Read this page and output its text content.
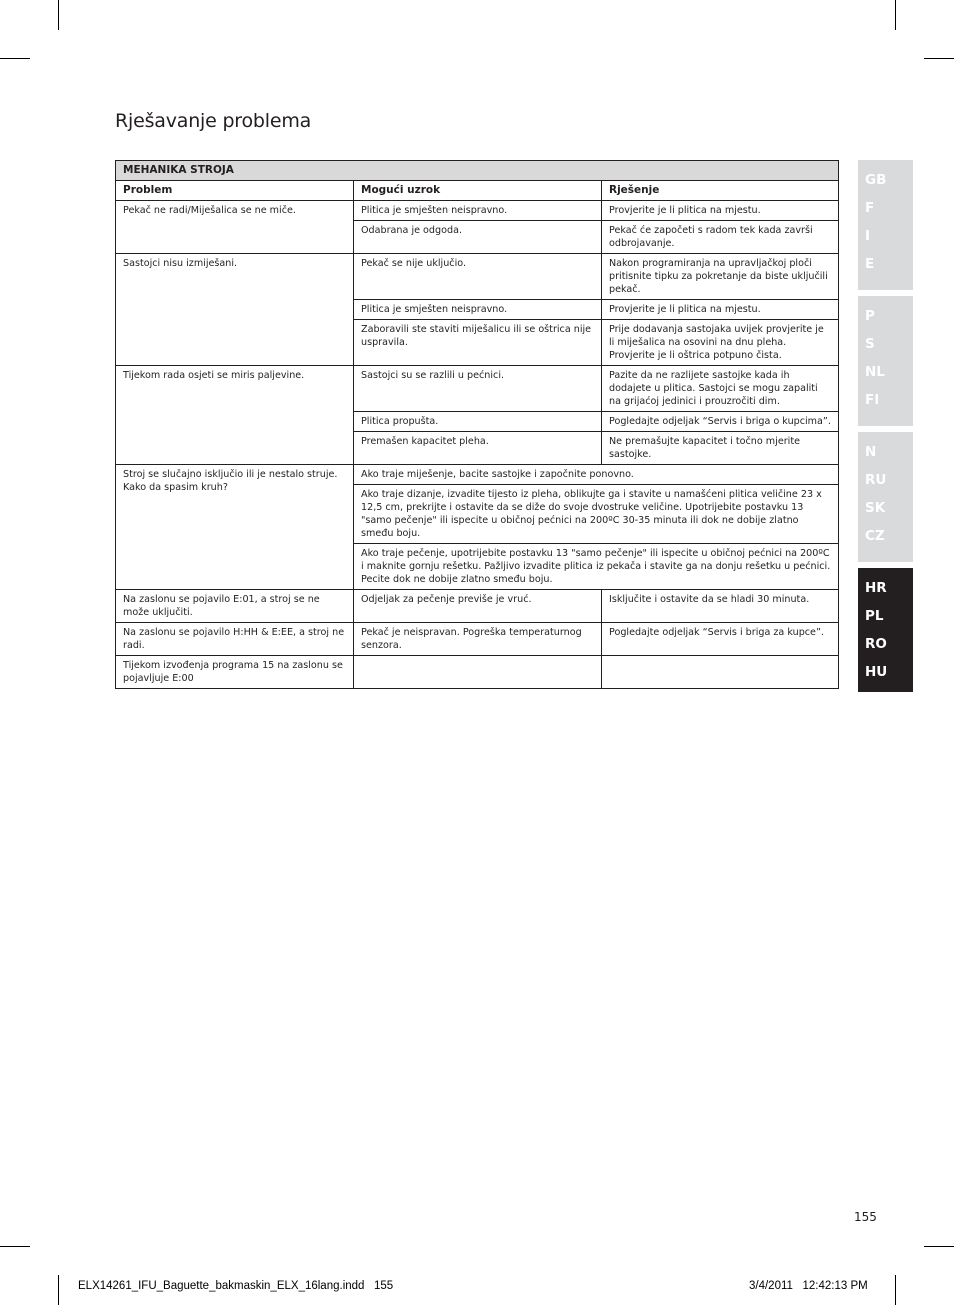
Rješavanje problema
MEHANIKA STROJA		
Problem	Mogući uzrok	Rješenje
Pekač ne radi/Miješalica se ne miče.	Plitica je smješten neispravno.	Provjerite je li plitica na mjestu.
	Odabrana je odgoda.	Pekač će započeti s radom tek kada završi odbrojavanje.
Sastojci nisu izmiješani.	Pekač se nije uključio.	Nakon programiranja na upravljačkoj ploči pritisnite tipku za pokretanje da biste uključili pekač.
	Plitica je smješten neispravno.	Provjerite je li plitica na mjestu.
	Zaboravili ste staviti miješalicu ili se oštrica nije uspravila.	Prije dodavanja sastojaka uvijek provjerite je li miješalica na osovini na dnu pleha. Provjerite je li oštrica potpuno čista.
Tijekom rada osjeti se miris paljevine.	Sastojci su se razlili u pećnici.	Pazite da ne razlijete sastojke kada ih dodajete u plitica. Sastojci se mogu zapaliti na grijaćoj jedinici i prouzročiti dim.
	Plitica propušta.	Pogledajte odjeljak “Servis i briga o kupcima”.
	Premašen kapacitet pleha.	Ne premašujte kapacitet i točno mjerite sastojke.
Stroj se slučajno isključio ili je nestalo struje. Kako da spasim kruh?	Ako traje miješenje, bacite sastojke i započnite ponovno.	
	Ako traje dizanje, izvadite tijesto iz pleha, oblikujte ga i stavite u namašćeni plitica veličine 23 x 12,5 cm, prekrijte i ostavite da se diže do svoje dvostruke veličine. Upotrijebite postavku 13 "samo pečenje" ili ispecite u običnoj pećnici na 200ºC 30-35 minuta ili dok ne dobije zlatno smeđu boju.	
	Ako traje pečenje, upotrijebite postavku 13 "samo pečenje" ili ispecite u običnoj pećnici na 200ºC i maknite gornju rešetku. Pažljivo izvadite plitica iz pekača i stavite ga na donju rešetku u pećnici. Pecite dok ne dobije zlatno smeđu boju.	
Na zaslonu se pojavilo E:01, a stroj se ne može uključiti.	Odjeljak za pečenje previše je vruć.	Isključite i ostavite da se hladi 30 minuta.
Na zaslonu se pojavilo H:HH & E:EE, a stroj ne radi.	Pekač je neispravan. Pogreška temperaturnog senzora.	Pogledajte odjeljak “Servis i briga za kupce”.
Tijekom izvođenja programa 15 na zaslonu se pojavljuje E:00		
GB
F
I
E
P
S
NL
FI
N
RU
SK
CZ
HR
PL
RO
HU
155
ELX14261_IFU_Baguette_bakmaskin_ELX_16lang.indd   155	3/4/2011   12:42:13 PM
